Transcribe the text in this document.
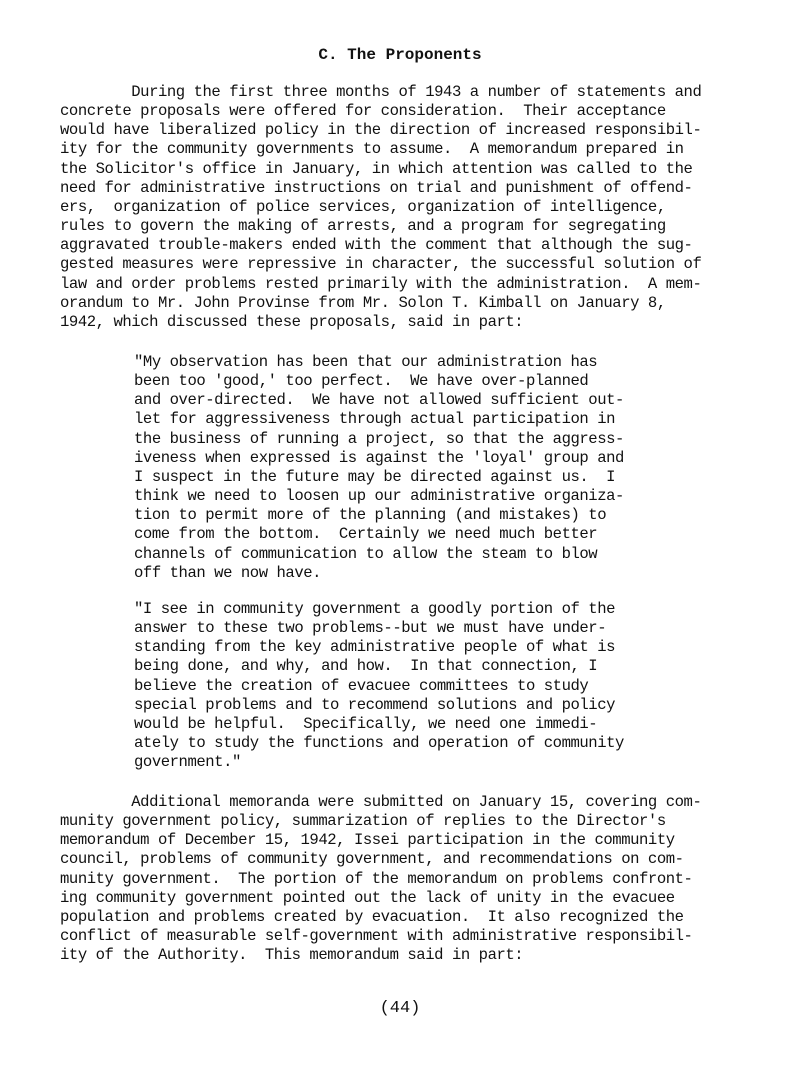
C. The Proponents

During the first three months of 1943 a number of statements and
concrete proposals were offered for consideration.  Their acceptance
would have liberalized policy in the direction of increased responsibil-
ity for the community governments to assume.  A memorandum prepared in
the Solicitor's office in January, in which attention was called to the
need for administrative instructions on trial and punishment of offend-
ers,  organization of police services, organization of intelligence,
rules to govern the making of arrests, and a program for segregating
aggravated trouble-makers ended with the comment that although the sug-
gested measures were repressive in character, the successful solution of
law and order problems rested primarily with the administration.  A mem-
orandum to Mr. John Provinse from Mr. Solon T. Kimball on January 8,
1942, which discussed these proposals, said in part:

"My observation has been that our administration has
been too 'good,' too perfect.  We have over-planned
and over-directed.  We have not allowed sufficient out-
let for aggressiveness through actual participation in
the business of running a project, so that the aggress-
iveness when expressed is against the 'loyal' group and
I suspect in the future may be directed against us.  I
think we need to loosen up our administrative organiza-
tion to permit more of the planning (and mistakes) to
come from the bottom.  Certainly we need much better
channels of communication to allow the steam to blow
off than we now have.

"I see in community government a goodly portion of the
answer to these two problems--but we must have under-
standing from the key administrative people of what is
being done, and why, and how.  In that connection, I
believe the creation of evacuee committees to study
special problems and to recommend solutions and policy
would be helpful.  Specifically, we need one immedi-
ately to study the functions and operation of community
government."

Additional memoranda were submitted on January 15, covering com-
munity government policy, summarization of replies to the Director's
memorandum of December 15, 1942, Issei participation in the community
council, problems of community government, and recommendations on com-
munity government.  The portion of the memorandum on problems confront-
ing community government pointed out the lack of unity in the evacuee
population and problems created by evacuation.  It also recognized the
conflict of measurable self-government with administrative responsibil-
ity of the Authority.  This memorandum said in part:

(44)
